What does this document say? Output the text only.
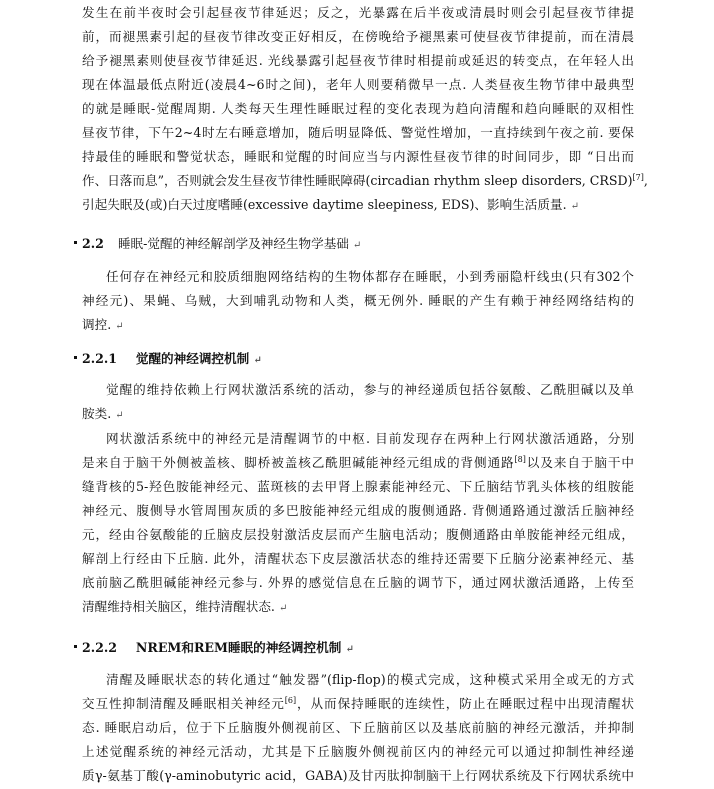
发生在前半夜时会引起昼夜节律延迟；反之，光暴露在后半夜或清晨时则会引起昼夜节律提
前，而褪黑素引起的昼夜节律改变正好相反，在傍晚给予褪黑素可使昼夜节律提前，而在清晨
给予褪黑素则使昼夜节律延迟. 光线暴露引起昼夜节律时相提前或延迟的转变点，在年轻人出
现在体温最低点附近(凌晨4~6时之间)，老年人则要稍微早一点. 人类昼夜生物节律中最典型
的就是睡眠-觉醒周期. 人类每天生理性睡眠过程的变化表现为趋向清醒和趋向睡眠的双相性
昼夜节律，下午2~4时左右睡意增加，随后明显降低、警觉性增加，一直持续到午夜之前. 要保
持最佳的睡眠和警觉状态，睡眠和觉醒的时间应当与内源性昼夜节律的时间同步，即 “日出而
作、日落而息”，否则就会发生昼夜节律性睡眠障碍(circadian rhythm sleep disorders, CRSD)[7],
引起失眠及(或)白天过度嗜睡(excessive daytime sleepiness, EDS)、影响生活质量. ↵
2.2 睡眠-觉醒的神经解剖学及神经生物学基础 ↵
任何存在神经元和胶质细胞网络结构的生物体都存在睡眠，小到秀丽隐杆线虫(只有302个
神经元)、果蝇、乌贼，大到哺乳动物和人类，概无例外. 睡眠的产生有赖于神经网络结构的
调控. ↵
2.2.1 觉醒的神经调控机制 ↵
觉醒的维持依赖上行网状激活系统的活动，参与的神经递质包括谷氨酸、乙酰胆碱以及单
胺类. ↵
网状激活系统中的神经元是清醒调节的中枢. 目前发现存在两种上行网状激活通路，分别
是来自于脑干外侧被盖核、脚桥被盖核乙酰胆碱能神经元组成的背侧通路[8]以及来自于脑干中
缝背核的5-羟色胺能神经元、蓝斑核的去甲肾上腺素能神经元、下丘脑结节乳头体核的组胺能
神经元、腹侧导水管周围灰质的多巴胺能神经元组成的腹侧通路. 背侧通路通过激活丘脑神经
元，经由谷氨酸能的丘脑皮层投射激活皮层而产生脑电活动；腹侧通路由单胺能神经元组成，
解剖上行经由下丘脑. 此外，清醒状态下皮层激活状态的维持还需要下丘脑分泌素神经元、基
底前脑乙酰胆碱能神经元参与. 外界的感觉信息在丘脑的调节下，通过网状激活通路，上传至
清醒维持相关脑区，维持清醒状态. ↵
2.2.2 NREM和REM睡眠的神经调控机制 ↵
清醒及睡眠状态的转化通过“触发器”(flip-flop)的模式完成，这种模式采用全或无的方式
交互性抑制清醒及睡眠相关神经元[6]，从而保持睡眠的连续性，防止在睡眠过程中出现清醒状
态. 睡眠启动后，位于下丘脑腹外侧视前区、下丘脑前区以及基底前脑的神经元激活，并抑制
上述觉醒系统的神经元活动，尤其是下丘脑腹外侧视前区内的神经元可以通过抑制性神经递
质γ-氨基丁酸(γ-aminobutyric acid，GABA)及甘丙肽抑制脑干上行网状系统及下行网状系统中
